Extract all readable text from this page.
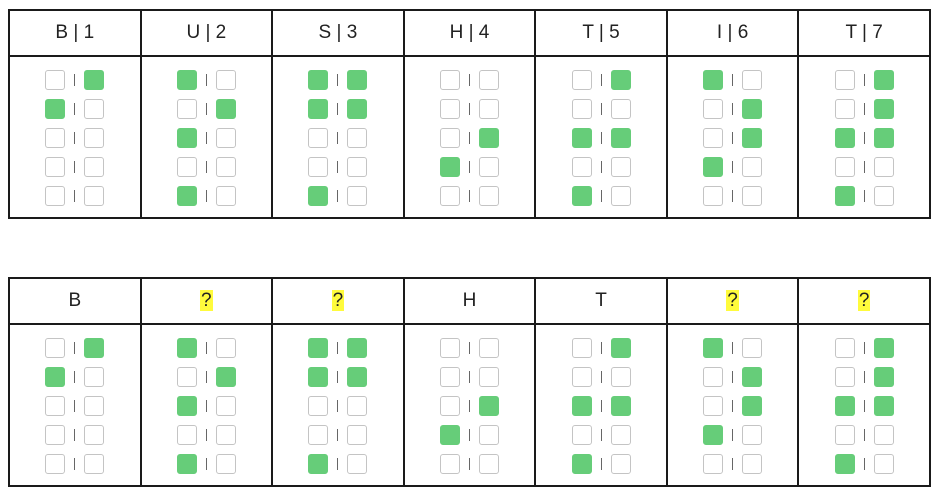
B | 1	U | 2	S | 3	H | 4	T | 5	I | 6	T | 7

B	?	?	H	T	?	?
